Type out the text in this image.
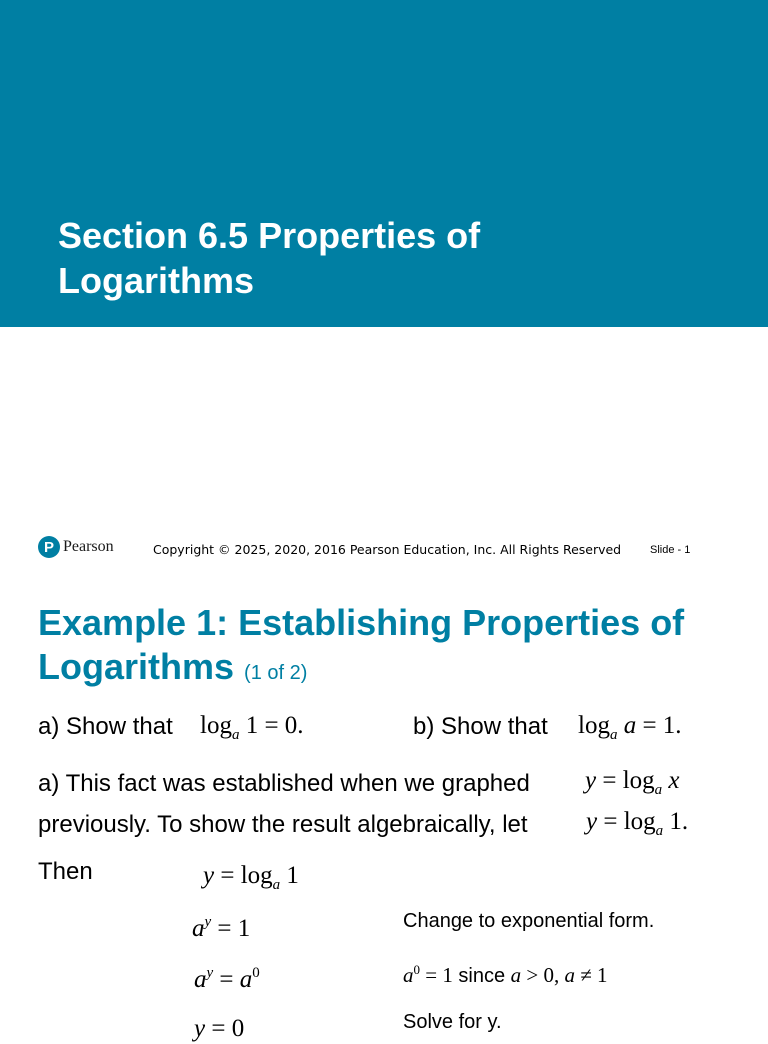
Section 6.5 Properties of
Logarithms
P Pearson	Copyright © 2025, 2020, 2016 Pearson Education, Inc. All Rights Reserved	Slide - 1
Example 1: Establishing Properties of
Logarithms (1 of 2)
a) Show that $\log_a 1 = 0$.	b) Show that $\log_a a = 1$.
a) This fact was established when we graphed $y = \log_a x$
previously. To show the result algebraically, let $y = \log_a 1$.
Then	$y = \log_a 1$
$a^y = 1$	Change to exponential form.
$a^y = a^0$	$a^0 = 1$ since a > 0, a ≠ 1
y = 0	Solve for y.
